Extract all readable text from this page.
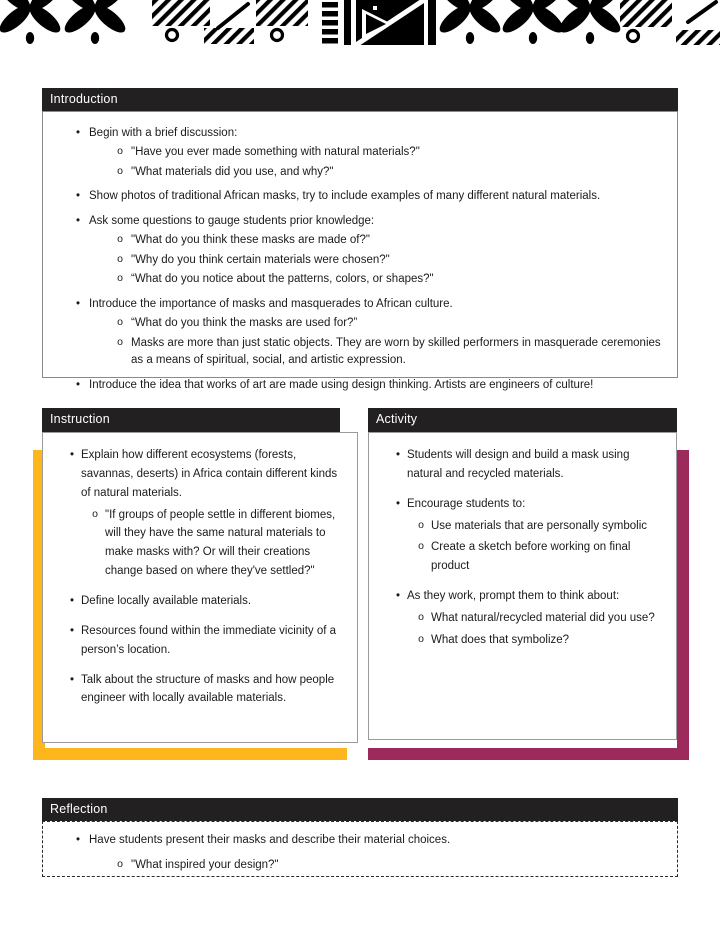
Introduction
• Begin with a brief discussion:
o "Have you ever made something with natural materials?"
o "What materials did you use, and why?"
• Show photos of traditional African masks, try to include examples of many different natural materials.
• Ask some questions to gauge students prior knowledge:
o "What do you think these masks are made of?"
o "Why do you think certain materials were chosen?"
o “What do you notice about the patterns, colors, or shapes?"
• Introduce the importance of masks and masquerades to African culture.
o “What do you think the masks are used for?”
o Masks are more than just static objects. They are worn by skilled performers in masquerade ceremonies as a means of spiritual, social, and artistic expression.
• Introduce the idea that works of art are made using design thinking. Artists are engineers of culture!
Instruction
• Explain how different ecosystems (forests, savannas, deserts) in Africa contain different kinds of natural materials.
o "If groups of people settle in different biomes, will they have the same natural materials to make masks with? Or will their creations change based on where they've settled?"
• Define locally available materials.
• Resources found within the immediate vicinity of a person’s location.
• Talk about the structure of masks and how people engineer with locally available materials.
Activity
• Students will design and build a mask using natural and recycled materials.
• Encourage students to:
o Use materials that are personally symbolic
o Create a sketch before working on final product
• As they work, prompt them to think about:
o What natural/recycled material did you use?
o What does that symbolize?
Reflection
• Have students present their masks and describe their material choices.
o "What inspired your design?"
